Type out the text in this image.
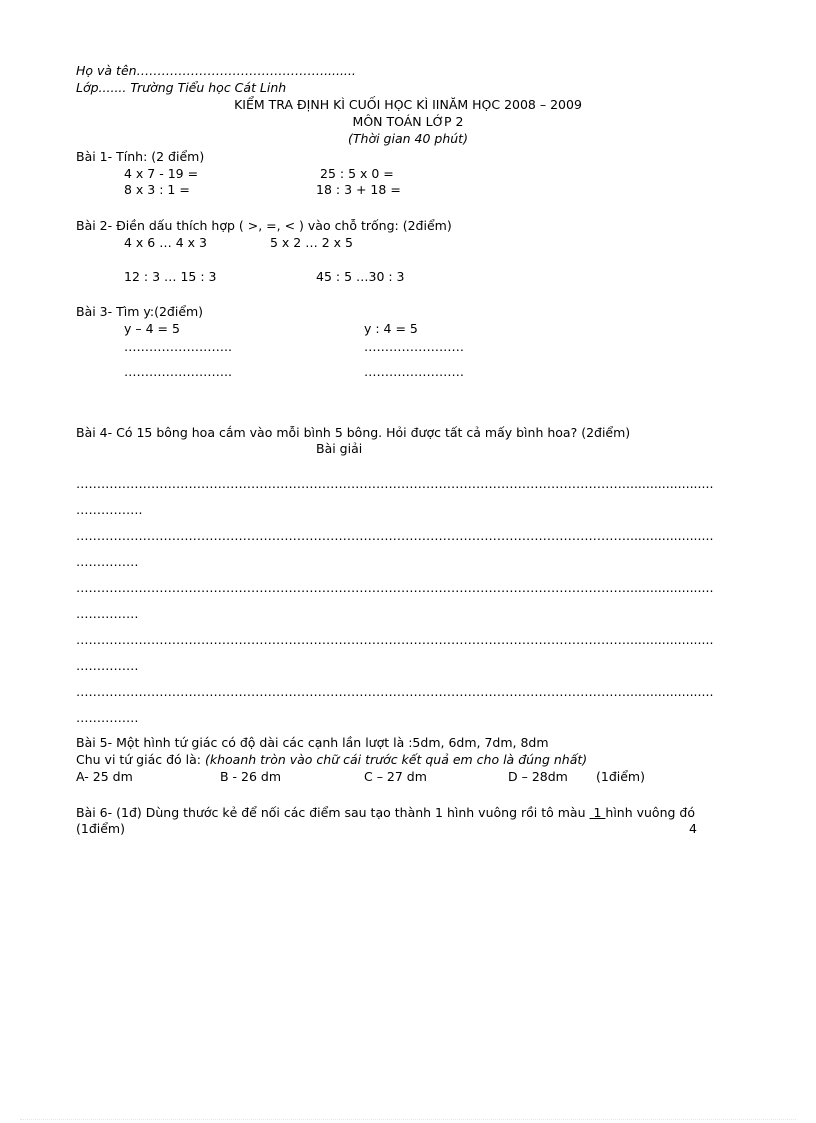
Họ và tên………………………………………........
Lớp....... Trường Tiểu học Cát Linh
KIỂM TRA ĐỊNH KÌ CUỐI HỌC KÌ IINĂM HỌC 2008 – 2009
MÔN TOÁN LỚP 2
(Thời gian 40 phút)
Bài 1- Tính: (2 điểm)
4 x 7 - 19 =	25 : 5 x 0 =
8 x 3 : 1 =	18 : 3 + 18 =
Bài 2- Điền dấu thích hợp ( >, =, < ) vào chỗ trống: (2điểm)
4 x 6 … 4 x 3	5 x 2 … 2 x 5
12 : 3 … 15 : 3	45 : 5 …30 : 3
Bài 3- Tìm y:(2điểm)
y – 4 = 5	y : 4 = 5
……………………..	……………………
……………………..	……………………
Bài 4- Có 15 bông hoa cắm vào mỗi bình 5 bông. Hỏi được tất cả mấy bình hoa? (2điểm)
Bài giải
……………………………………………………………………………………………………………………......................
…………….
……………………………………………………………………………………………………………………......................
……………
……………………………………………………………………………………………………………………......................
……………
……………………………………………………………………………………………………………………......................
……………
……………………………………………………………………………………………………………………......................
……………
Bài 5- Một hình tứ giác có độ dài các cạnh lần lượt là :5dm, 6dm, 7dm, 8dm
Chu vi tứ giác đó là: (khoanh tròn vào chữ cái trước kết quả em cho là đúng nhất)
A- 25 dm	B - 26 dm	C – 27 dm	D – 28dm (1điểm)
Bài 6- (1đ) Dùng thước kẻ để nối các điểm sau tạo thành 1 hình vuông rồi tô màu  1 hình vuông đó
(1điểm)	4
